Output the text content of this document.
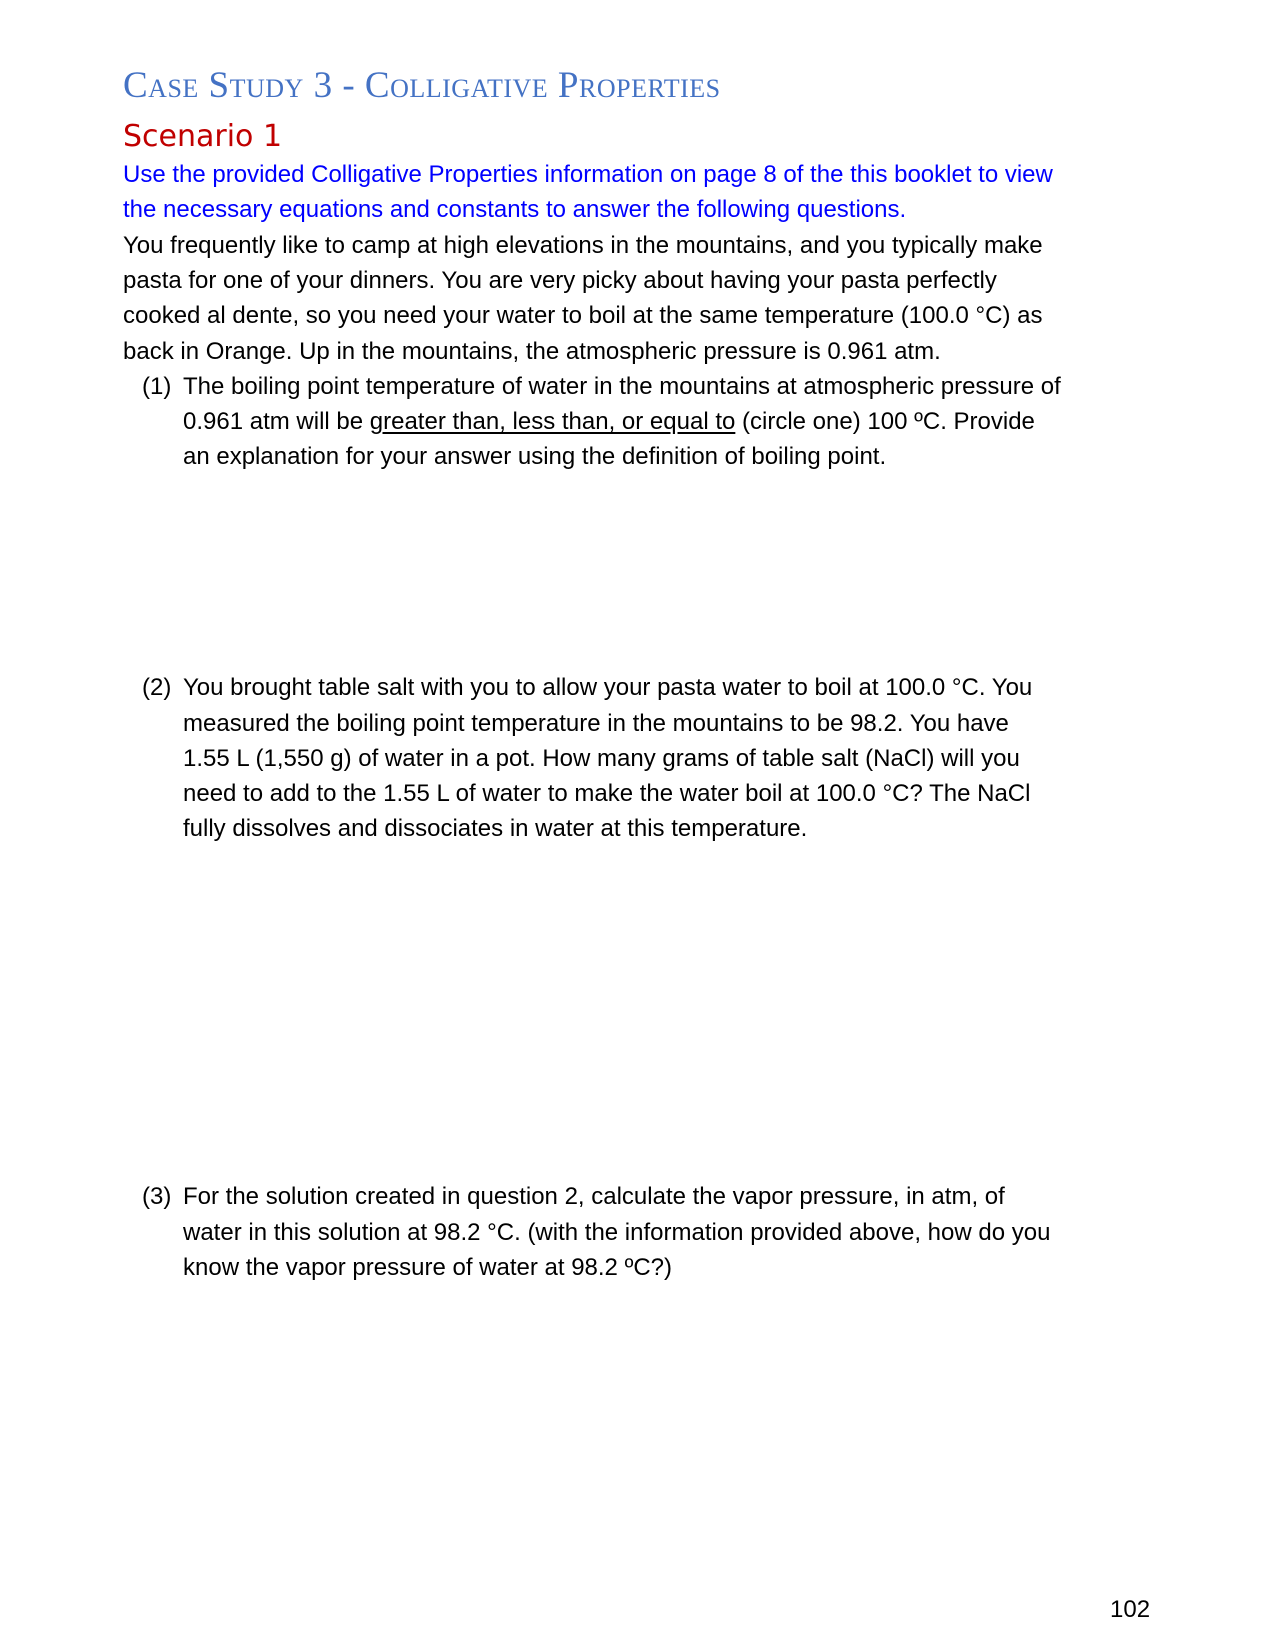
Case Study 3 - Colligative Properties
Scenario 1

Use the provided Colligative Properties information on page 8 of the this booklet to view

the necessary equations and constants to answer the following questions.

You frequently like to camp at high elevations in the mountains, and you typically make

pasta for one of your dinners. You are very picky about having your pasta perfectly

cooked al dente, so you need your water to boil at the same temperature (100.0 °C) as

back in Orange. Up in the mountains, the atmospheric pressure is 0.961 atm.

(1) The boiling point temperature of water in the mountains at atmospheric pressure of

0.961 atm will be greater than, less than, or equal to (circle one) 100 ºC. Provide

an explanation for your answer using the definition of boiling point.

(2) You brought table salt with you to allow your pasta water to boil at 100.0 °C. You

measured the boiling point temperature in the mountains to be 98.2. You have

1.55 L (1,550 g) of water in a pot. How many grams of table salt (NaCl) will you

need to add to the 1.55 L of water to make the water boil at 100.0 °C? The NaCl

fully dissolves and dissociates in water at this temperature.

(3) For the solution created in question 2, calculate the vapor pressure, in atm, of

water in this solution at 98.2 °C. (with the information provided above, how do you

know the vapor pressure of water at 98.2 ºC?)

102
